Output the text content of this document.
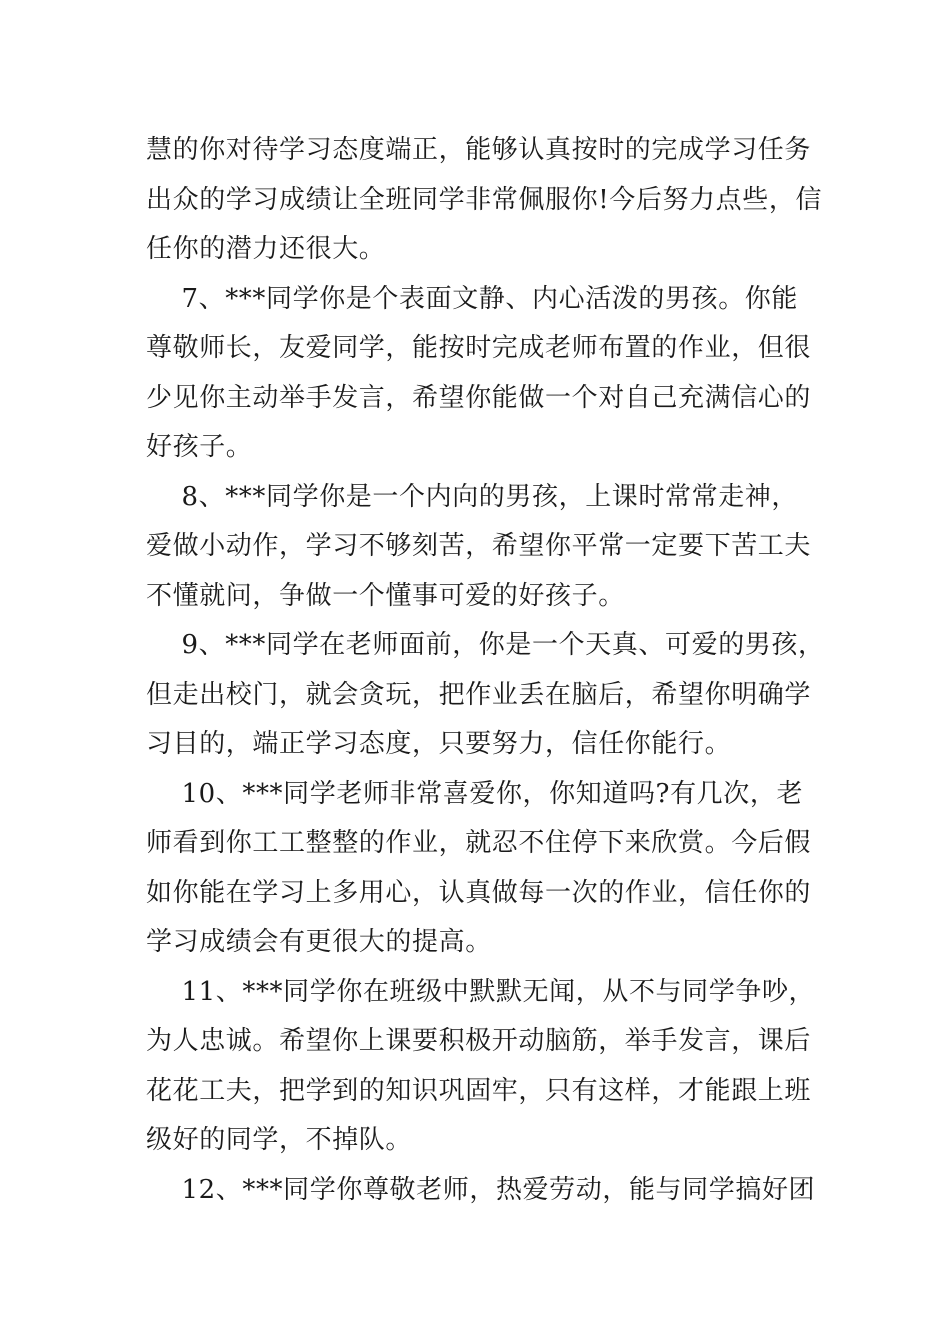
慧的你对待学习态度端正，能够认真按时的完成学习任务
出众的学习成绩让全班同学非常佩服你!今后努力点些，信
任你的潜力还很大。
7、***同学你是个表面文静、内心活泼的男孩。你能
尊敬师长，友爱同学，能按时完成老师布置的作业，但很
少见你主动举手发言，希望你能做一个对自己充满信心的
好孩子。
8、***同学你是一个内向的男孩，上课时常常走神，
爱做小动作，学习不够刻苦，希望你平常一定要下苦工夫
不懂就问，争做一个懂事可爱的好孩子。
9、***同学在老师面前，你是一个天真、可爱的男孩，
但走出校门，就会贪玩，把作业丢在脑后，希望你明确学
习目的，端正学习态度，只要努力，信任你能行。
10、***同学老师非常喜爱你，你知道吗?有几次，老
师看到你工工整整的作业，就忍不住停下来欣赏。今后假
如你能在学习上多用心，认真做每一次的作业，信任你的
学习成绩会有更很大的提高。
11、***同学你在班级中默默无闻，从不与同学争吵，
为人忠诚。希望你上课要积极开动脑筋，举手发言，课后
花花工夫，把学到的知识巩固牢，只有这样，才能跟上班
级好的同学，不掉队。
12、***同学你尊敬老师，热爱劳动，能与同学搞好团
